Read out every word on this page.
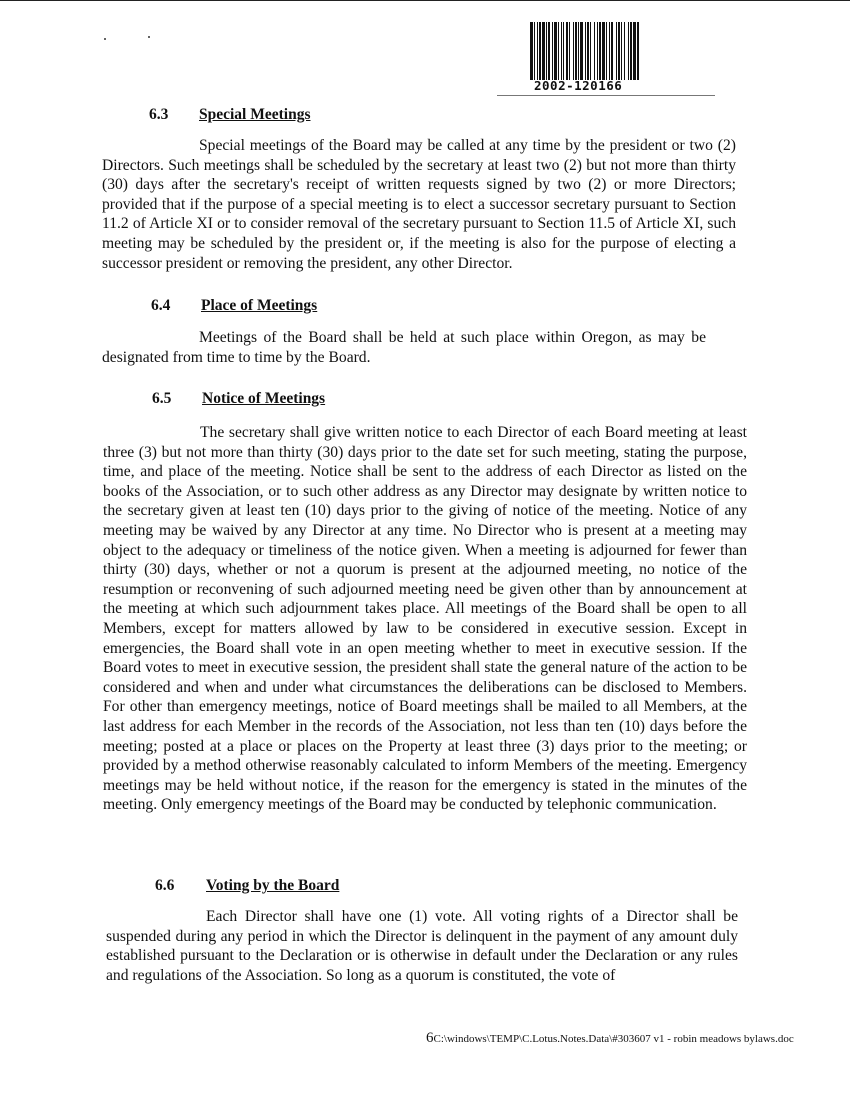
2002-120166
6.3 Special Meetings
Special meetings of the Board may be called at any time by the president or two (2) Directors. Such meetings shall be scheduled by the secretary at least two (2) but not more than thirty (30) days after the secretary's receipt of written requests signed by two (2) or more Directors; provided that if the purpose of a special meeting is to elect a successor secretary pursuant to Section 11.2 of Article XI or to consider removal of the secretary pursuant to Section 11.5 of Article XI, such meeting may be scheduled by the president or, if the meeting is also for the purpose of electing a successor president or removing the president, any other Director.
6.4 Place of Meetings
Meetings of the Board shall be held at such place within Oregon, as may be designated from time to time by the Board.
6.5 Notice of Meetings
The secretary shall give written notice to each Director of each Board meeting at least three (3) but not more than thirty (30) days prior to the date set for such meeting, stating the purpose, time, and place of the meeting. Notice shall be sent to the address of each Director as listed on the books of the Association, or to such other address as any Director may designate by written notice to the secretary given at least ten (10) days prior to the giving of notice of the meeting. Notice of any meeting may be waived by any Director at any time. No Director who is present at a meeting may object to the adequacy or timeliness of the notice given. When a meeting is adjourned for fewer than thirty (30) days, whether or not a quorum is present at the adjourned meeting, no notice of the resumption or reconvening of such adjourned meeting need be given other than by announcement at the meeting at which such adjournment takes place. All meetings of the Board shall be open to all Members, except for matters allowed by law to be considered in executive session. Except in emergencies, the Board shall vote in an open meeting whether to meet in executive session. If the Board votes to meet in executive session, the president shall state the general nature of the action to be considered and when and under what circumstances the deliberations can be disclosed to Members. For other than emergency meetings, notice of Board meetings shall be mailed to all Members, at the last address for each Member in the records of the Association, not less than ten (10) days before the meeting; posted at a place or places on the Property at least three (3) days prior to the meeting; or provided by a method otherwise reasonably calculated to inform Members of the meeting. Emergency meetings may be held without notice, if the reason for the emergency is stated in the minutes of the meeting. Only emergency meetings of the Board may be conducted by telephonic communication.
6.6 Voting by the Board
Each Director shall have one (1) vote. All voting rights of a Director shall be suspended during any period in which the Director is delinquent in the payment of any amount duly established pursuant to the Declaration or is otherwise in default under the Declaration or any rules and regulations of the Association. So long as a quorum is constituted, the vote of
6C:\windows\TEMP\C.Lotus.Notes.Data\#303607 v1 - robin meadows bylaws.doc
